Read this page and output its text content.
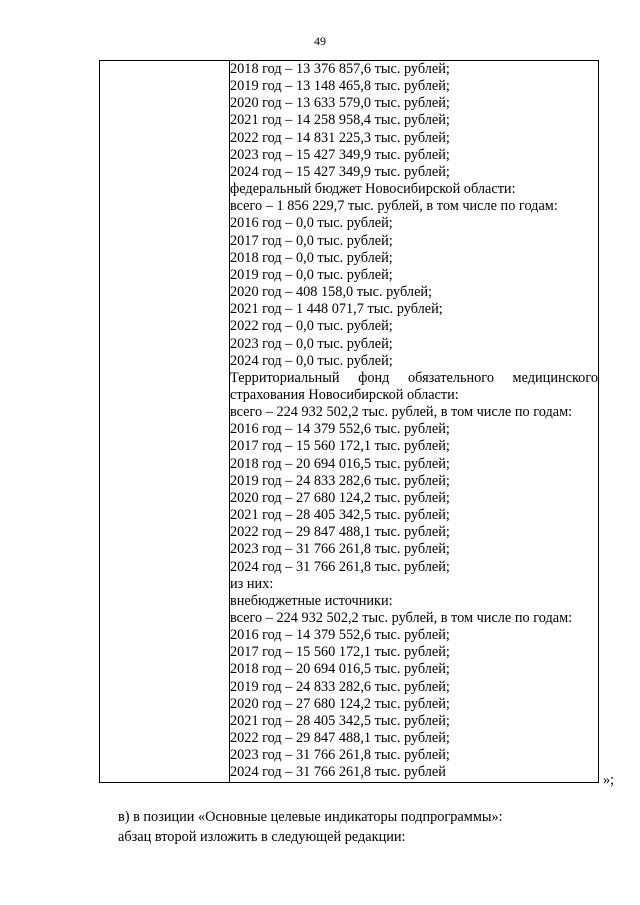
49

2018 год – 13 376 857,6 тыс. рублей;
2019 год – 13 148 465,8 тыс. рублей;
2020 год – 13 633 579,0 тыс. рублей;
2021 год – 14 258 958,4 тыс. рублей;
2022 год – 14 831 225,3 тыс. рублей;
2023 год – 15 427 349,9 тыс. рублей;
2024 год – 15 427 349,9 тыс. рублей;
федеральный бюджет Новосибирской области:
всего – 1 856 229,7 тыс. рублей, в том числе по годам:
2016 год – 0,0 тыс. рублей;
2017 год – 0,0 тыс. рублей;
2018 год – 0,0 тыс. рублей;
2019 год – 0,0 тыс. рублей;
2020 год – 408 158,0 тыс. рублей;
2021 год – 1 448 071,7 тыс. рублей;
2022 год – 0,0 тыс. рублей;
2023 год – 0,0 тыс. рублей;
2024 год – 0,0 тыс. рублей;
Территориальный фонд обязательного медицинского
страхования Новосибирской области:
всего – 224 932 502,2 тыс. рублей, в том числе по годам:
2016 год – 14 379 552,6 тыс. рублей;
2017 год – 15 560 172,1 тыс. рублей;
2018 год – 20 694 016,5 тыс. рублей;
2019 год – 24 833 282,6 тыс. рублей;
2020 год – 27 680 124,2 тыс. рублей;
2021 год – 28 405 342,5 тыс. рублей;
2022 год – 29 847 488,1 тыс. рублей;
2023 год – 31 766 261,8 тыс. рублей;
2024 год – 31 766 261,8 тыс. рублей;
из них:
внебюджетные источники:
всего – 224 932 502,2 тыс. рублей, в том числе по годам:
2016 год – 14 379 552,6 тыс. рублей;
2017 год – 15 560 172,1 тыс. рублей;
2018 год – 20 694 016,5 тыс. рублей;
2019 год – 24 833 282,6 тыс. рублей;
2020 год – 27 680 124,2 тыс. рублей;
2021 год – 28 405 342,5 тыс. рублей;
2022 год – 29 847 488,1 тыс. рублей;
2023 год – 31 766 261,8 тыс. рублей;
2024 год – 31 766 261,8 тыс. рублей	»;
в) в позиции «Основные целевые индикаторы подпрограммы»:
абзац второй изложить в следующей редакции:
